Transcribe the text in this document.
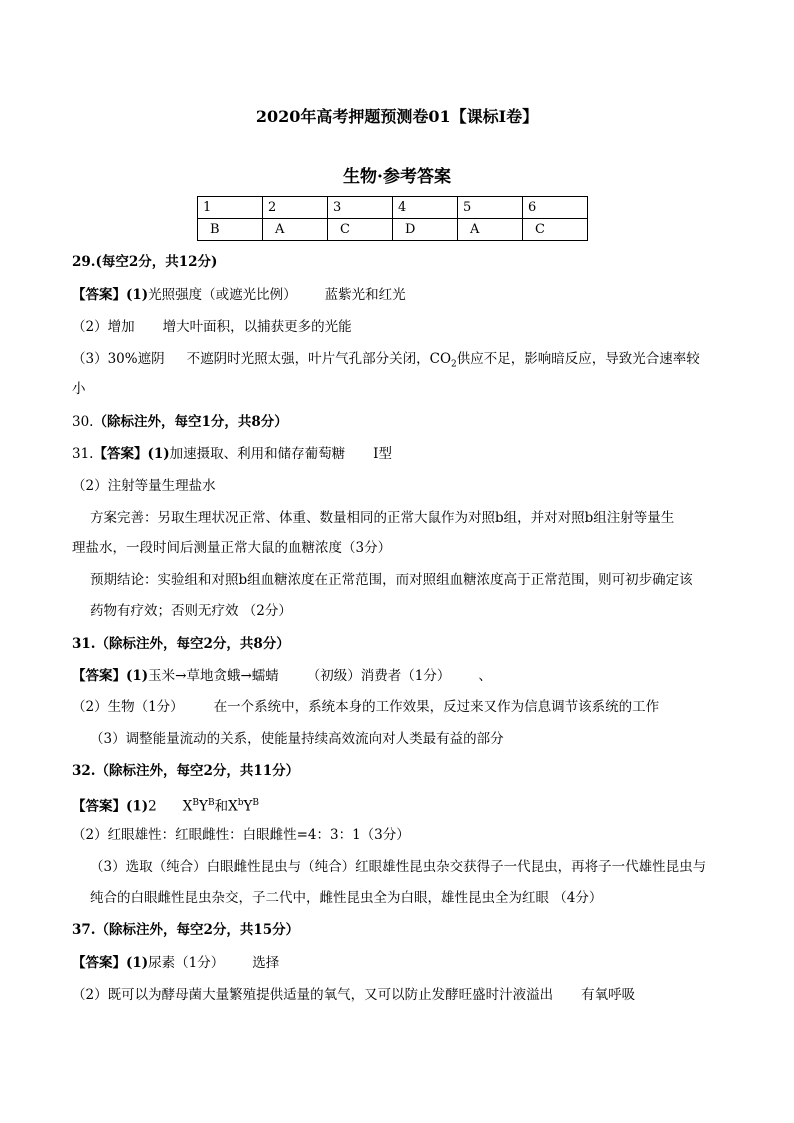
2020年高考押题预测卷01【课标I卷】
生物·参考答案
1	2	3	4	5	6
B	A	C	D	A	C
29.(每空2分，共12分)
【答案】(1)光照强度（或遮光比例） 蓝紫光和红光
（2）增加 增大叶面积，以捕获更多的光能
（3）30%遮阴 不遮阴时光照太强，叶片气孔部分关闭，$CO_2$供应不足，影响暗反应，导致光合速率较
小
30.（除标注外，每空1分，共8分）
31.【答案】(1)加速摄取、利用和储存葡萄糖 I型
（2）注射等量生理盐水
方案完善：另取生理状况正常、体重、数量相同的正常大鼠作为对照b组，并对对照b组注射等量生
理盐水，一段时间后测量正常大鼠的血糖浓度（3分）
预期结论：实验组和对照b组血糖浓度在正常范围，而对照组血糖浓度高于正常范围，则可初步确定该
药物有疗效；否则无疗效 （2分）
31.（除标注外，每空2分，共8分）
【答案】(1)玉米→草地贪蛾→蠕蜻 （初级）消费者（1分） 、
（2）生物（1分） 在一个系统中，系统本身的工作效果，反过来又作为信息调节该系统的工作
（3）调整能量流动的关系，使能量持续高效流向对人类最有益的部分
32.（除标注外，每空2分，共11分）
【答案】(1)2 $X^BY^B$和$X^bY^B$
（2）红眼雄性：红眼雌性：白眼雌性=4：3：1（3分）
（3）选取（纯合）白眼雌性昆虫与（纯合）红眼雄性昆虫杂交获得子一代昆虫，再将子一代雄性昆虫与
纯合的白眼雌性昆虫杂交，子二代中，雌性昆虫全为白眼，雄性昆虫全为红眼 （4分）
37.（除标注外，每空2分，共15分）
【答案】(1)尿素（1分） 选择
（2）既可以为酵母菌大量繁殖提供适量的氧气，又可以防止发酵旺盛时汁液溢出 有氧呼吸
